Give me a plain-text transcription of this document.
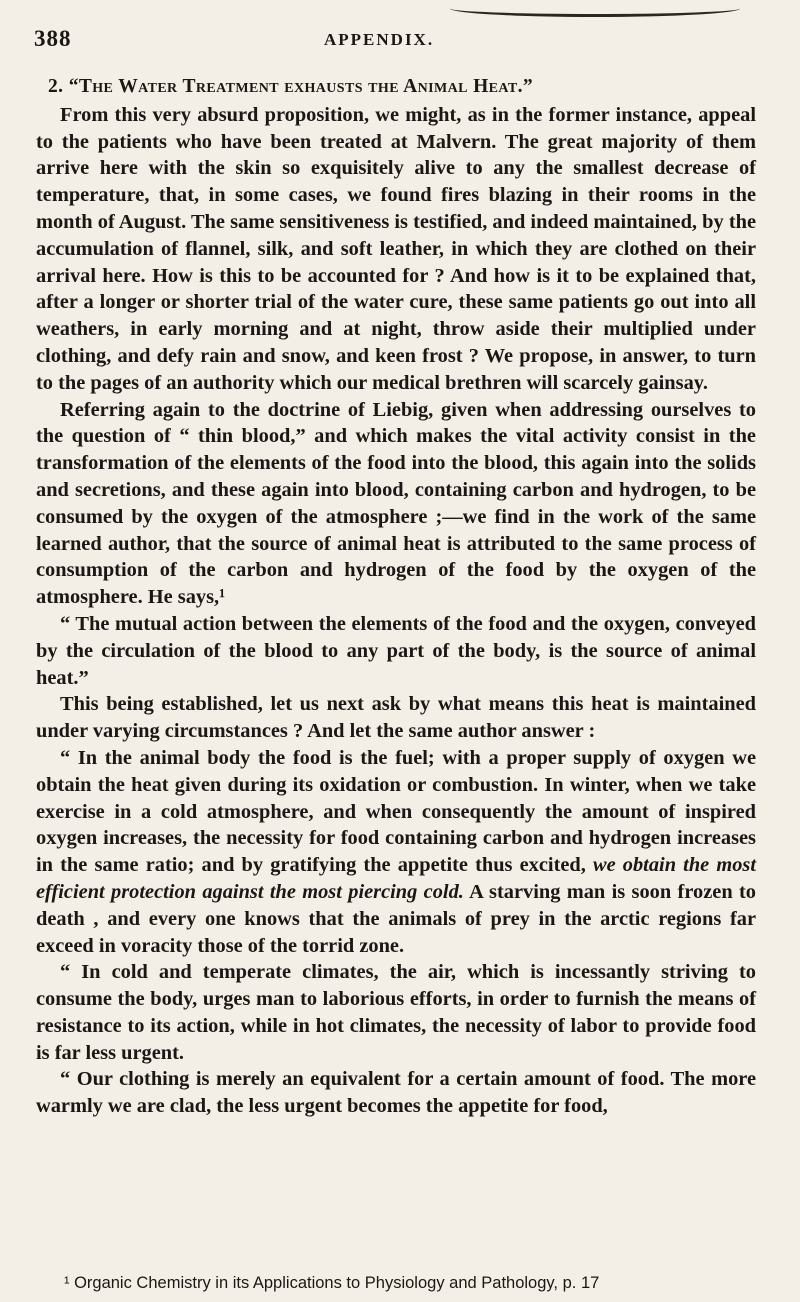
388	APPENDIX.

2. “The Water Treatment exhausts the Animal Heat.”

From this very absurd proposition, we might, as in the former instance, appeal to the patients who have been treated at Malvern. The great majority of them arrive here with the skin so exquisitely alive to any the smallest decrease of temperature, that, in some cases, we found fires blazing in their rooms in the month of August. The same sensitiveness is testified, and indeed maintained, by the accumulation of flannel, silk, and soft leather, in which they are clothed on their arrival here. How is this to be accounted for ? And how is it to be explained that, after a longer or shorter trial of the water cure, these same patients go out into all weathers, in early morning and at night, throw aside their multiplied under clothing, and defy rain and snow, and keen frost ? We propose, in answer, to turn to the pages of an authority which our medical brethren will scarcely gainsay.

Referring again to the doctrine of Liebig, given when addressing ourselves to the question of “ thin blood,” and which makes the vital activity consist in the transformation of the elements of the food into the blood, this again into the solids and secretions, and these again into blood, containing carbon and hydrogen, to be consumed by the oxygen of the atmosphere ;—we find in the work of the same learned author, that the source of animal heat is attributed to the same process of consumption of the carbon and hydrogen of the food by the oxygen of the atmosphere. He says,¹

“ The mutual action between the elements of the food and the oxygen, conveyed by the circulation of the blood to any part of the body, is the source of animal heat.”

This being established, let us next ask by what means this heat is maintained under varying circumstances ? And let the same author answer :

“ In the animal body the food is the fuel; with a proper supply of oxygen we obtain the heat given during its oxidation or combustion. In winter, when we take exercise in a cold atmosphere, and when consequently the amount of inspired oxygen increases, the necessity for food containing carbon and hydrogen increases in the same ratio; and by gratifying the appetite thus excited, we obtain the most efficient protection against the most piercing cold. A starving man is soon frozen to death , and every one knows that the animals of prey in the arctic regions far exceed in voracity those of the torrid zone.

“ In cold and temperate climates, the air, which is incessantly striving to consume the body, urges man to laborious efforts, in order to furnish the means of resistance to its action, while in hot climates, the necessity of labor to provide food is far less urgent.

“ Our clothing is merely an equivalent for a certain amount of food. The more warmly we are clad, the less urgent becomes the appetite for food,

¹ Organic Chemistry in its Applications to Physiology and Pathology, p. 17
